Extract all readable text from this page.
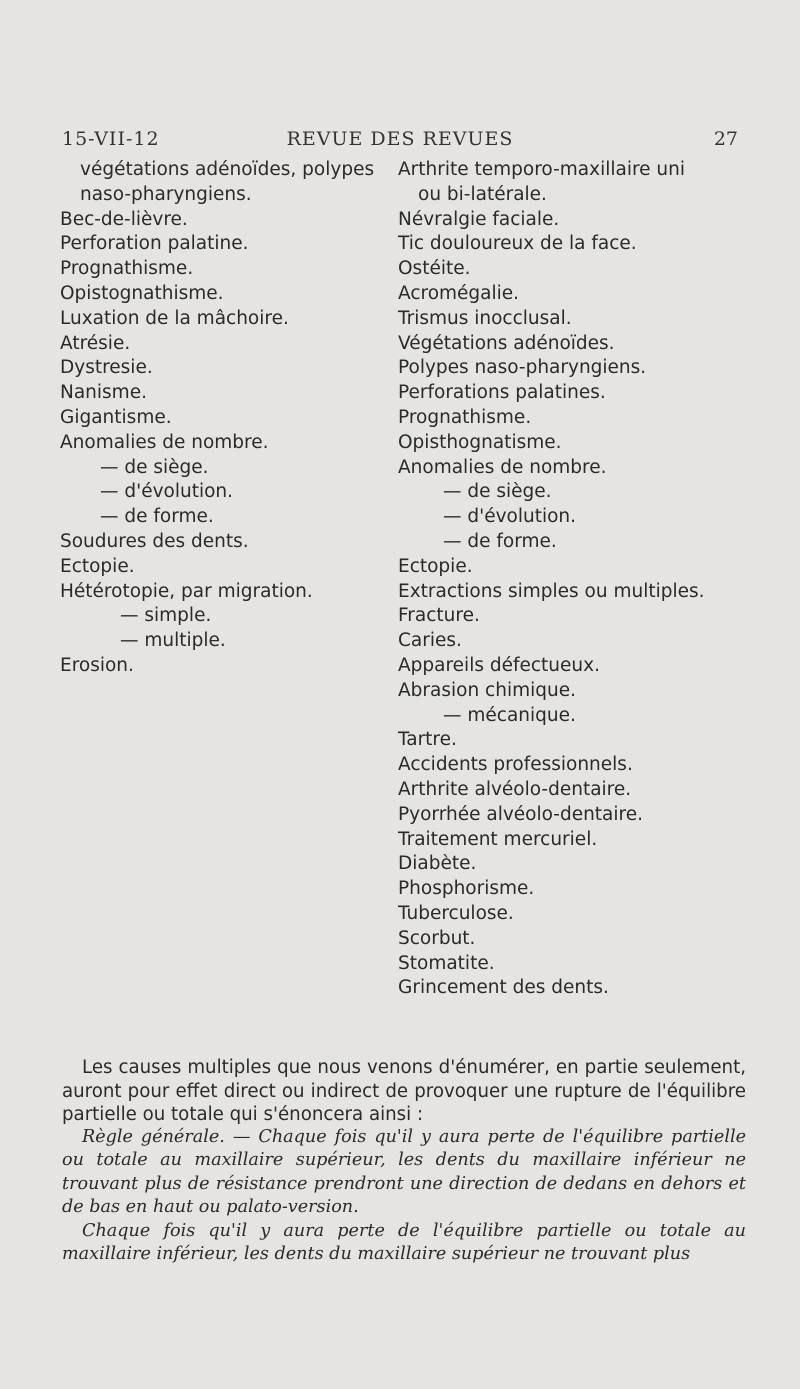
15-VII-12	REVUE DES REVUES	27
végétations adénoïdes, polypes
naso-pharyngiens.
Bec-de-lièvre.
Perforation palatine.
Prognathisme.
Opistognathisme.
Luxation de la mâchoire.
Atrésie.
Dystresie.
Nanisme.
Gigantisme.
Anomalies de nombre.
— de siège.
— d'évolution.
— de forme.
Soudures des dents.
Ectopie.
Hétérotopie, par migration.
— simple.
— multiple.
Erosion.
Arthrite temporo-maxillaire uni
ou bi-latérale.
Névralgie faciale.
Tic douloureux de la face.
Ostéite.
Acromégalie.
Trismus inocclusal.
Végétations adénoïdes.
Polypes naso-pharyngiens.
Perforations palatines.
Prognathisme.
Opisthognatisme.
Anomalies de nombre.
— de siège.
— d'évolution.
— de forme.
Ectopie.
Extractions simples ou multiples.
Fracture.
Caries.
Appareils défectueux.
Abrasion chimique.
— mécanique.
Tartre.
Accidents professionnels.
Arthrite alvéolo-dentaire.
Pyorrhée alvéolo-dentaire.
Traitement mercuriel.
Diabète.
Phosphorisme.
Tuberculose.
Scorbut.
Stomatite.
Grincement des dents.

Les causes multiples que nous venons d'énumérer, en partie seulement, auront pour effet direct ou indirect de provoquer une rupture de l'équilibre partielle ou totale qui s'énoncera ainsi :

Règle générale. — Chaque fois qu'il y aura perte de l'équilibre partielle ou totale au maxillaire supérieur, les dents du maxillaire inférieur ne trouvant plus de résistance prendront une direction de dedans en dehors et de bas en haut ou palato-version.

Chaque fois qu'il y aura perte de l'équilibre partielle ou totale au maxillaire inférieur, les dents du maxillaire supérieur ne trouvant plus
